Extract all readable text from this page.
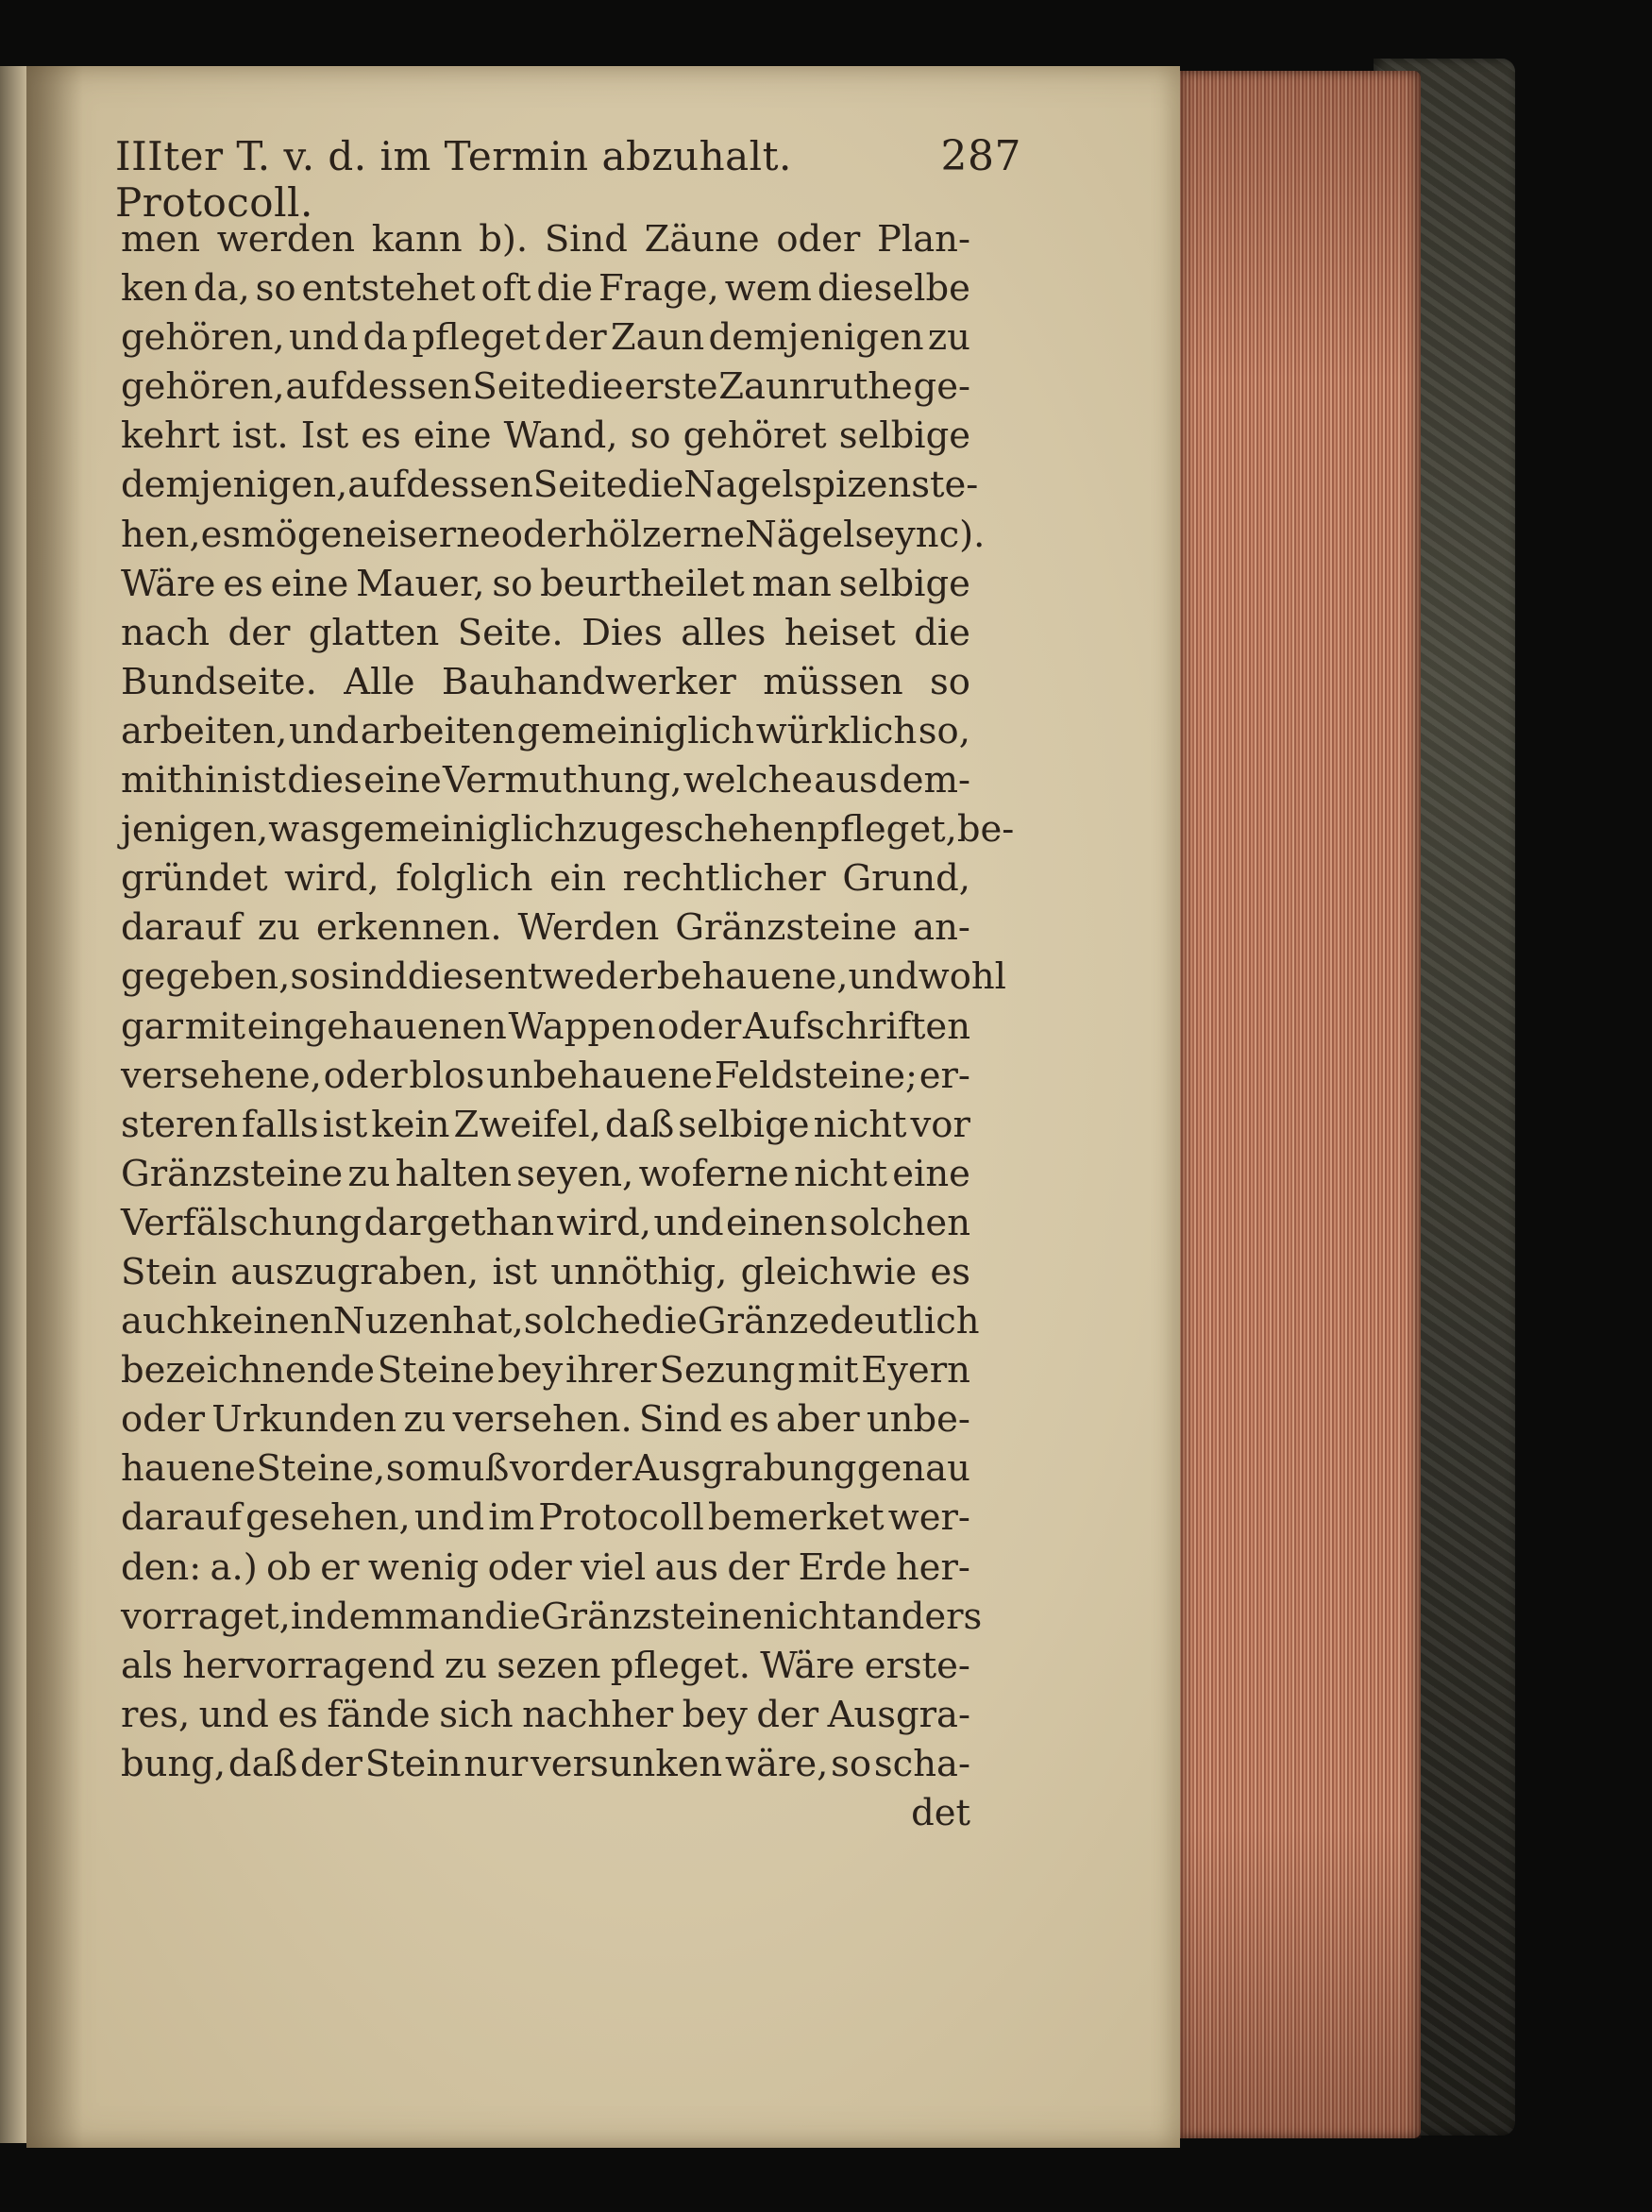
IIIter T. v. d. im Termin abzuhalt. Protocoll.
287
men werden kann b). Sind Zäune oder Plan-
ken da, so entstehet oft die Frage, wem dieselbe
gehören, und da pfleget der Zaun demjenigen zu
gehören, auf dessen Seite die erste Zaunruthe ge-
kehrt ist. Ist es eine Wand, so gehöret selbige
demjenigen, auf dessen Seite die Nagelspizen ste-
hen, es mögen eiserne oder hölzerne Nägel seyn c).
Wäre es eine Mauer, so beurtheilet man selbige
nach der glatten Seite. Dies alles heiset die
Bundseite. Alle Bauhandwerker müssen so
arbeiten, und arbeiten gemeiniglich würklich so,
mithin ist dies eine Vermuthung, welche aus dem-
jenigen, was gemeiniglich zu geschehen pfleget, be-
gründet wird, folglich ein rechtlicher Grund,
darauf zu erkennen. Werden Gränzsteine an-
gegeben, so sind dies entweder behauene, und wohl
gar mit eingehauenen Wappen oder Aufschriften
versehene, oder blos unbehauene Feldsteine; er-
steren falls ist kein Zweifel, daß selbige nicht vor
Gränzsteine zu halten seyen, woferne nicht eine
Verfälschung dargethan wird, und einen solchen
Stein auszugraben, ist unnöthig, gleichwie es
auch keinen Nuzen hat, solche die Gränze deutlich
bezeichnende Steine bey ihrer Sezung mit Eyern
oder Urkunden zu versehen. Sind es aber unbe-
hauene Steine, so muß vor der Ausgrabung genau
darauf gesehen, und im Protocoll bemerket wer-
den: a.) ob er wenig oder viel aus der Erde her-
vorraget, indem man die Gränzsteine nicht anders
als hervorragend zu sezen pfleget. Wäre erste-
res, und es fände sich nachher bey der Ausgra-
bung, daß der Stein nur versunken wäre, so scha-
det
